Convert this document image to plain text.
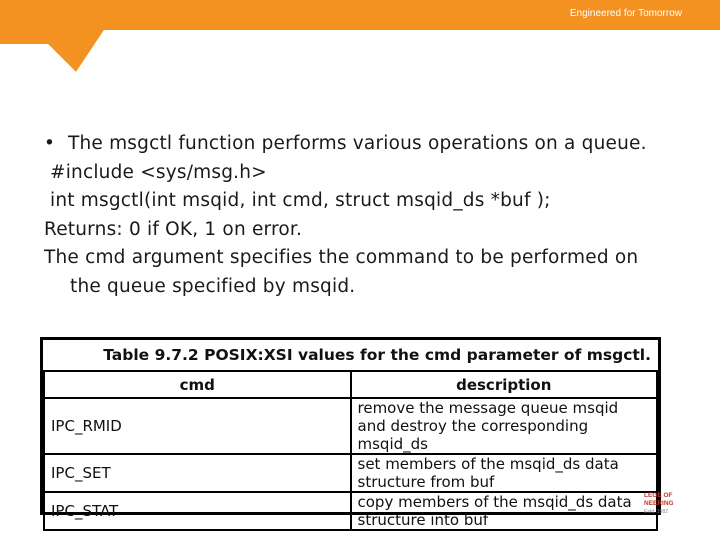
Engineered for Tomorrow
• The msgctl function performs various operations on a queue.
#include <sys/msg.h>
int msgctl(int msqid, int cmd, struct msqid_ds *buf );
Returns: 0 if OK, 1 on error.
The cmd argument specifies the command to be performed on
the queue specified by msqid.
Table 9.7.2 POSIX:XSI values for the cmd parameter of msgctl.	
cmd	description
IPC_RMID	remove the message queue msqid and destroy the corresponding msqid_ds
IPC_SET	set members of the msqid_ds data structure from buf
IPC_STAT	copy members of the msqid_ds data structure into buf
LEGE OF
NEERING
Estd. 1982
